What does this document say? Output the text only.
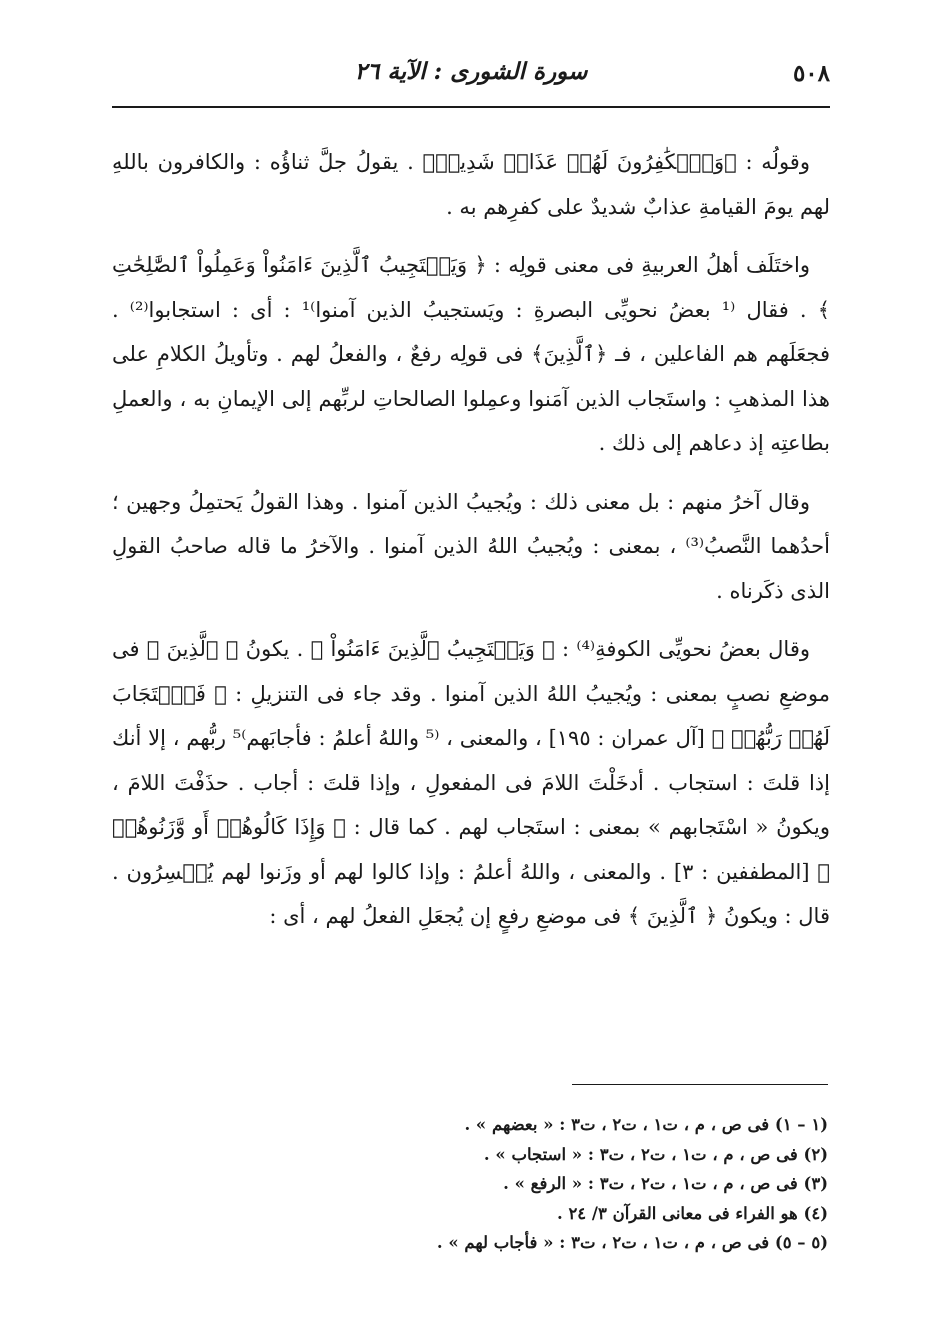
٥٠٨
سورة الشورى : الآية ٢٦

وقولُه : ﴿وَٱلۡكَٰفِرُونَ لَهُمۡ عَذَابٞ شَدِيدٞ﴾ . يقولُ جلَّ ثناؤُه : والكافرون باللهِ لهم يومَ القيامةِ عذابٌ شديدٌ على كفرِهم به .

واختَلَف أهلُ العربيةِ فى معنى قولِه : ﴿ وَيَسۡتَجِيبُ ٱلَّذِينَ ءَامَنُواْ وَعَمِلُواْ ٱلصَّٰلِحَٰتِ ﴾ . فقال ⁽¹ بعضُ نحويِّى البصرةِ : ويَستجيبُ الذين آمنوا⁾¹ : أى : استجابوا⁽²⁾ . فجعَلَهم هم الفاعلين ، فـ ﴿ٱلَّذِينَ﴾ فى قولِه رفعٌ ، والفعلُ لهم . وتأويلُ الكلامِ على هذا المذهبِ : واستَجاب الذين آمَنوا وعمِلوا الصالحاتِ لربِّهم إلى الإيمانِ به ، والعملِ بطاعتِه إذ دعاهم إلى ذلك .

وقال آخرُ منهم : بل معنى ذلك : ويُجيبُ الذين آمنوا . وهذا القولُ يَحتمِلُ وجهين ؛ أحدُهما النَّصبُ⁽³⁾ ، بمعنى : ويُجيبُ اللهُ الذين آمنوا . والآخرُ ما قاله صاحبُ القولِ الذى ذكَرناه .

وقال بعضُ نحويِّى الكوفةِ⁽⁴⁾ : ﴿ وَيَسۡتَجِيبُ ٱلَّذِينَ ءَامَنُواْ ﴾ . يكونُ ﴿ ٱلَّذِينَ ﴾ فى موضعِ نصبٍ بمعنى : ويُجيبُ اللهُ الذين آمنوا . وقد جاء فى التنزيلِ : ﴿ فَٱسۡتَجَابَ لَهُمۡ رَبُّهُمۡ ﴾ [آل عمران : ١٩٥] ، والمعنى ، ⁽⁵ واللهُ أعلمُ : فأجابَهم⁾⁵ ربُّهم ، إلا أنك إذا قلتَ : استجاب . أدخَلْتَ اللامَ فى المفعولِ ، وإذا قلتَ : أجاب . حذَفْتَ اللامَ ، ويكونُ « اسْتَجابهم » بمعنى : استَجاب لهم . كما قال : ﴿ وَإِذَا كَالُوهُمۡ أَو وَّزَنُوهُمۡ ﴾ [المطففين : ٣] . والمعنى ، واللهُ أعلمُ : وإذا كالوا لهم أو وزَنوا لهم يُخۡسِرُون . قال : ويكونُ ﴿ ٱلَّذِينَ ﴾ فى موضعِ رفعٍ إن يُجعَلِ الفعلُ لهم ، أى :

(١ – ١) فى ص ، م ، ت١ ، ت٢ ، ت٣ : « بعضهم » .
(٢) فى ص ، م ، ت١ ، ت٢ ، ت٣ : « استجاب » .
(٣) فى ص ، م ، ت١ ، ت٢ ، ت٣ : « الرفع » .
(٤) هو الفراء فى معانى القرآن ٣/ ٢٤ .
(٥ – ٥) فى ص ، م ، ت١ ، ت٢ ، ت٣ : « فأجاب لهم » .
